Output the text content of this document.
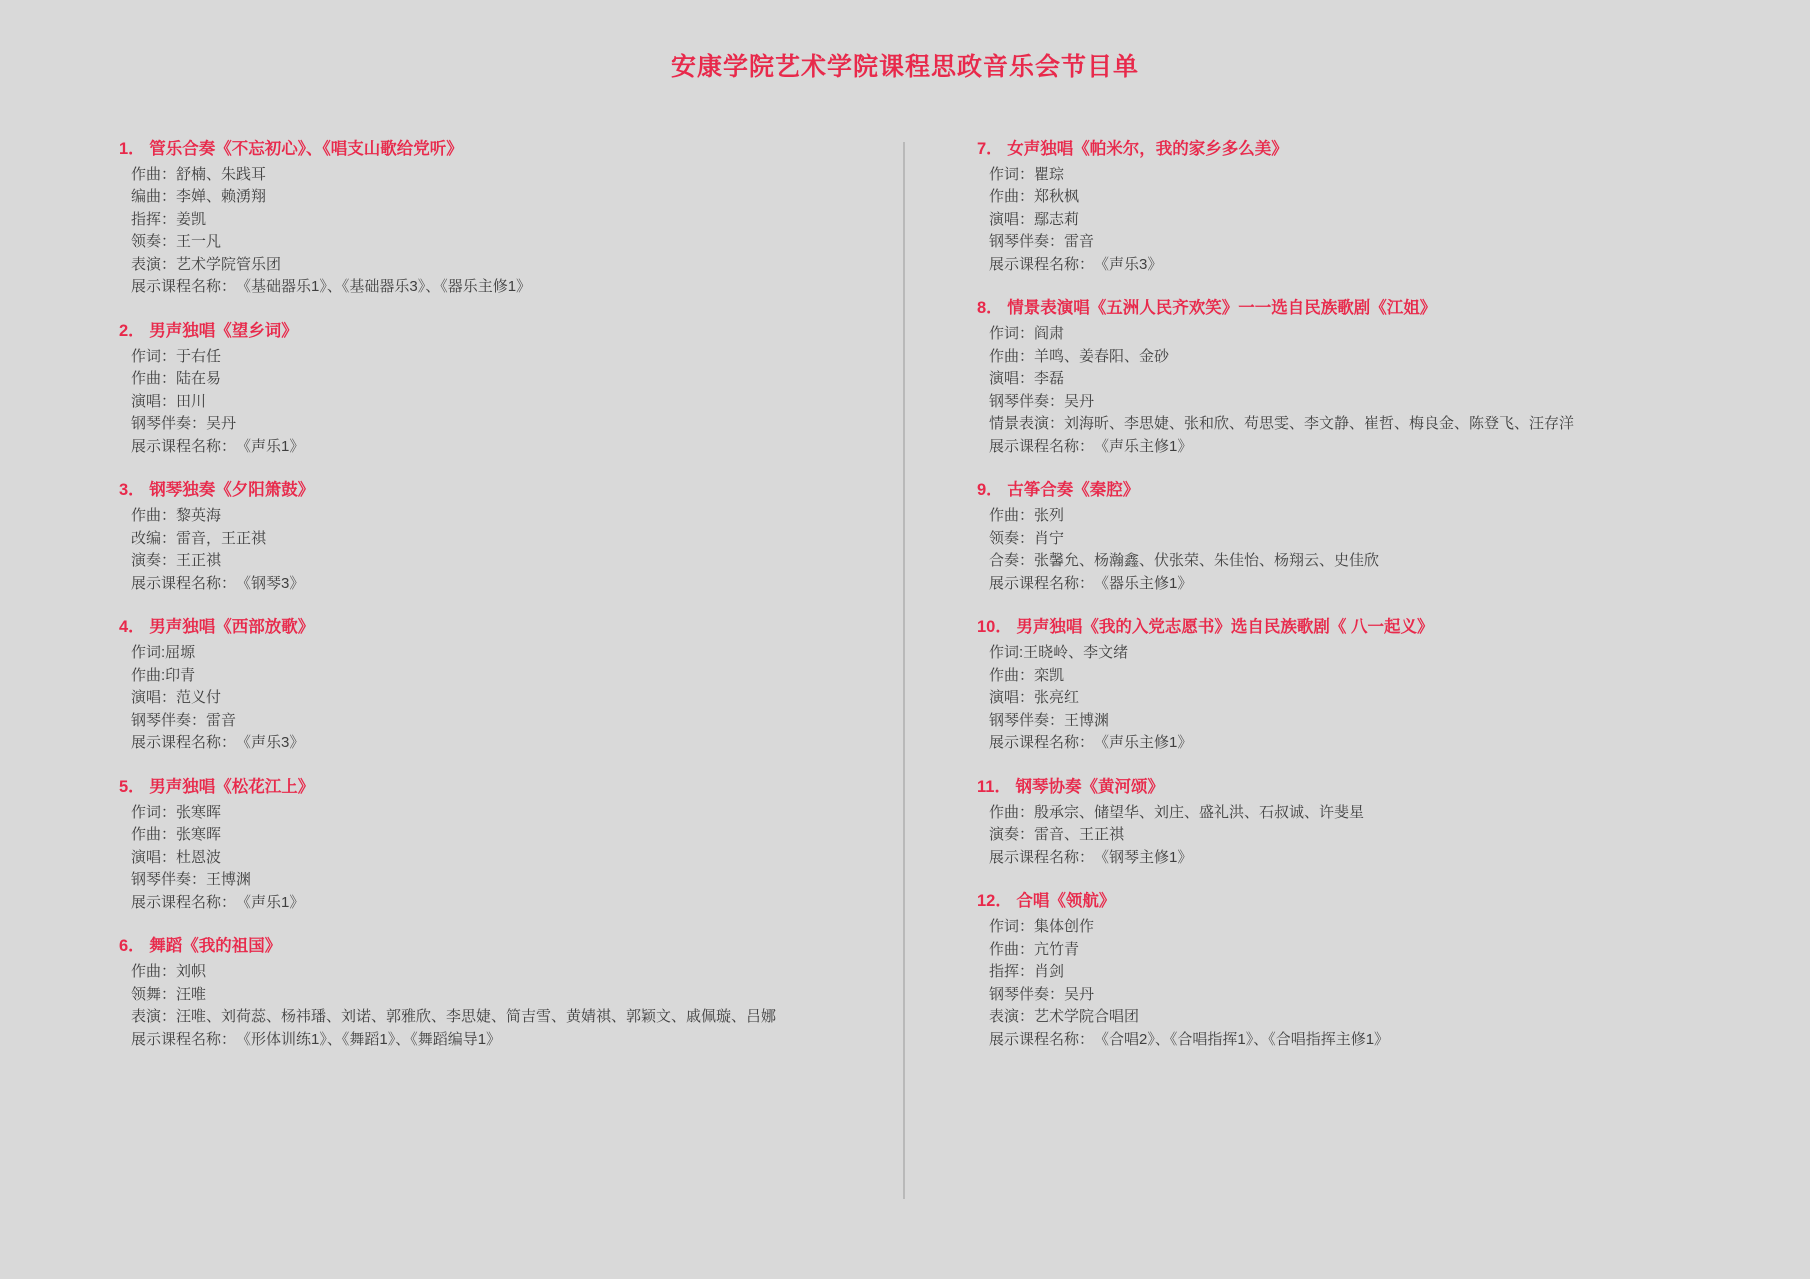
安康学院艺术学院课程思政音乐会节目单
1． 管乐合奏《不忘初心》、《唱支山歌给党听》
作曲： 舒楠、朱践耳
编曲： 李婵、赖湧翔
指挥： 姜凯
领奏： 王一凡
表演： 艺术学院管乐团
展示课程名称： 《基础器乐1》、《基础器乐3》、《器乐主修1》
2． 男声独唱《望乡词》
作词： 于右任
作曲： 陆在易
演唱： 田川
钢琴伴奏： 吴丹
展示课程名称： 《声乐1》
3． 钢琴独奏《夕阳箫鼓》
作曲： 黎英海
改编： 雷音，王正祺
演奏： 王正祺
展示课程名称： 《钢琴3》
4． 男声独唱《西部放歌》
作词: 屈塬
作曲: 印青
演唱： 范义付
钢琴伴奏： 雷音
展示课程名称： 《声乐3》
5． 男声独唱《松花江上》
作词： 张寒晖
作曲： 张寒晖
演唱： 杜恩波
钢琴伴奏： 王博渊
展示课程名称： 《声乐1》
6． 舞蹈《我的祖国》
作曲： 刘帜
领舞： 汪唯
表演： 汪唯、刘荷蕊、杨祎璠、刘诺、郭雅欣、李思婕、简吉雪、黄婧祺、郭颖文、戚佩璇、吕娜
展示课程名称： 《形体训练1》、《舞蹈1》、《舞蹈编导1》
7． 女声独唱《帕米尔，我的家乡多么美》
作词： 瞿琮
作曲： 郑秋枫
演唱： 鄢志莉
钢琴伴奏： 雷音
展示课程名称： 《声乐3》
8． 情景表演唱《五洲人民齐欢笑》一一选自民族歌剧《江姐》
作词： 阎肃
作曲： 羊鸣、姜春阳、金砂
演唱： 李磊
钢琴伴奏： 吴丹
情景表演： 刘海昕、李思婕、张和欣、苟思雯、李文静、崔哲、梅良金、陈登飞、汪存洋
展示课程名称： 《声乐主修1》
9． 古筝合奏《秦腔》
作曲： 张列
领奏： 肖宁
合奏： 张馨允、杨瀚鑫、伏张荣、朱佳怡、杨翔云、史佳欣
展示课程名称： 《器乐主修1》
10． 男声独唱《我的入党志愿书》选自民族歌剧《 八一起义》
作词: 王晓岭、李文绪
作曲： 栾凯
演唱： 张亮红
钢琴伴奏： 王博渊
展示课程名称： 《声乐主修1》
11． 钢琴协奏《黄河颂》
作曲： 殷承宗、储望华、刘庄、盛礼洪、石叔诚、许斐星
演奏： 雷音、王正祺
展示课程名称： 《钢琴主修1》
12． 合唱《领航》
作词： 集体创作
作曲： 亢竹青
指挥： 肖剑
钢琴伴奏： 吴丹
表演： 艺术学院合唱团
展示课程名称： 《合唱2》、《合唱指挥1》、《合唱指挥主修1》
